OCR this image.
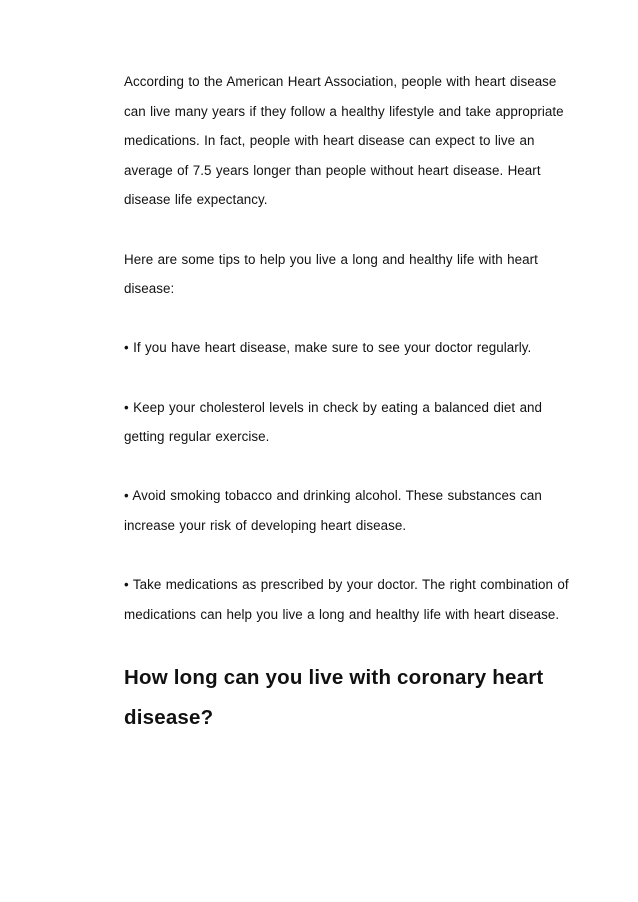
According to the American Heart Association, people with heart disease can live many years if they follow a healthy lifestyle and take appropriate medications. In fact, people with heart disease can expect to live an average of 7.5 years longer than people without heart disease. Heart disease life expectancy.

Here are some tips to help you live a long and healthy life with heart disease:

• If you have heart disease, make sure to see your doctor regularly.

• Keep your cholesterol levels in check by eating a balanced diet and getting regular exercise.

• Avoid smoking tobacco and drinking alcohol. These substances can increase your risk of developing heart disease.

• Take medications as prescribed by your doctor. The right combination of medications can help you live a long and healthy life with heart disease.

How long can you live with coronary heart disease?
